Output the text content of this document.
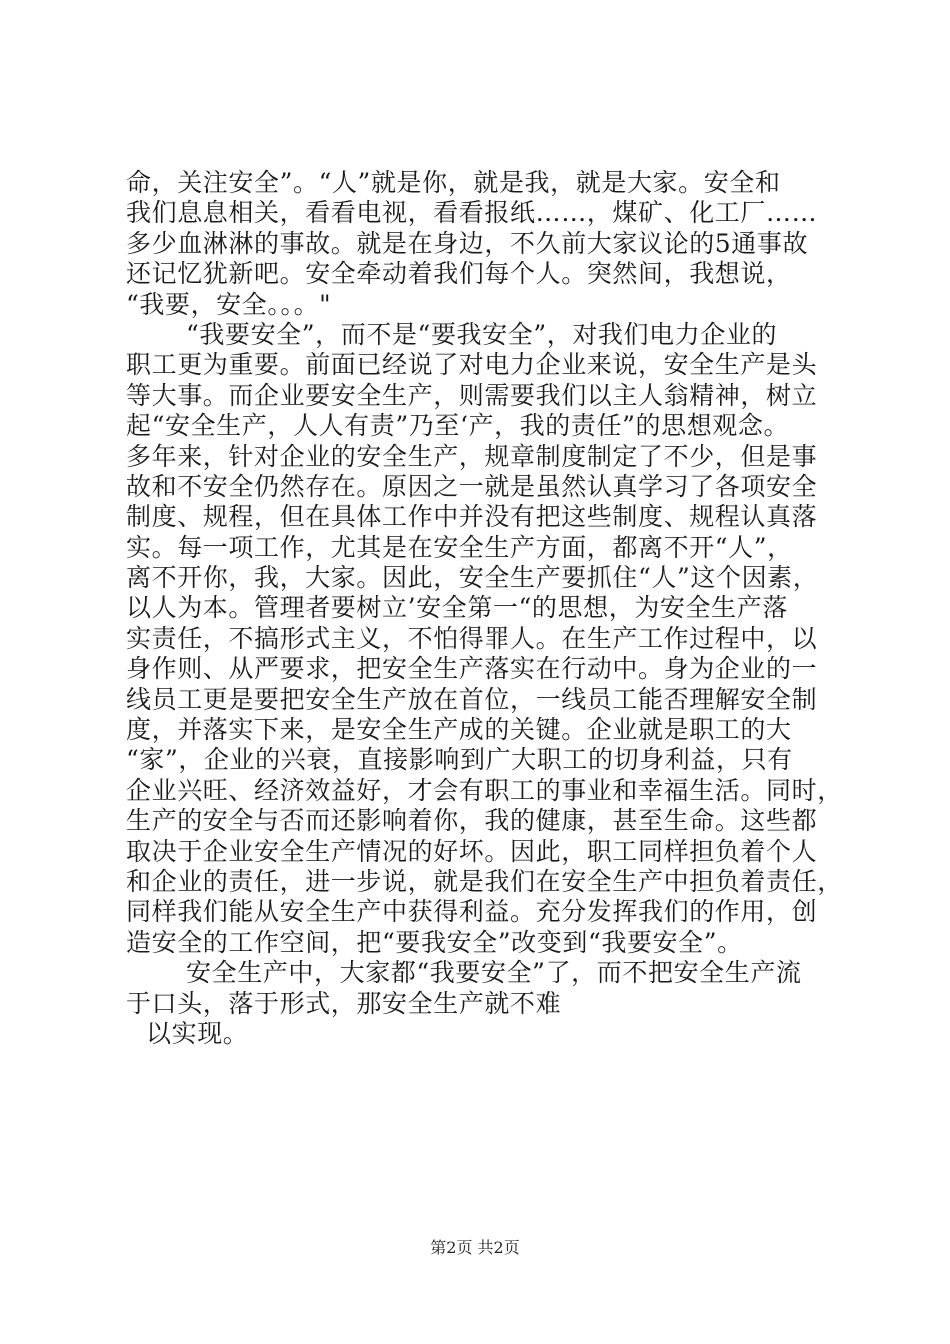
命，关注安全”。“人”就是你，就是我，就是大家。安全和
我们息息相关，看看电视，看看报纸……，煤矿、化工厂……
多少血淋淋的事故。就是在身边，不久前大家议论的5通事故
还记忆犹新吧。安全牵动着我们每个人。突然间，我想说，
“我要，安全。。。"
“我要安全”，而不是“要我安全”，对我们电力企业的
职工更为重要。前面已经说了对电力企业来说，安全生产是头
等大事。而企业要安全生产，则需要我们以主人翁精神，树立
起“安全生产，人人有责”乃至‘产，我的责任”的思想观念。
多年来，针对企业的安全生产，规章制度制定了不少，但是事
故和不安全仍然存在。原因之一就是虽然认真学习了各项安全
制度、规程，但在具体工作中并没有把这些制度、规程认真落
实。每一项工作，尤其是在安全生产方面，都离不开“人”，
离不开你，我，大家。因此，安全生产要抓住“人”这个因素，
以人为本。管理者要树立’安全第一“的思想，为安全生产落
实责任，不搞形式主义，不怕得罪人。在生产工作过程中，以
身作则、从严要求，把安全生产落实在行动中。身为企业的一
线员工更是要把安全生产放在首位，一线员工能否理解安全制
度，并落实下来，是安全生产成的关键。企业就是职工的大
“家”，企业的兴衰，直接影响到广大职工的切身利益，只有
企业兴旺、经济效益好，才会有职工的事业和幸福生活。同时，
生产的安全与否而还影响着你，我的健康，甚至生命。这些都
取决于企业安全生产情况的好坏。因此，职工同样担负着个人
和企业的责任，进一步说，就是我们在安全生产中担负着责任，
同样我们能从安全生产中获得利益。充分发挥我们的作用，创
造安全的工作空间，把“要我安全”改变到“我要安全”。
安全生产中，大家都“我要安全”了，而不把安全生产流
于口头，落于形式，那安全生产就不难
以实现。
第2页 共2页
